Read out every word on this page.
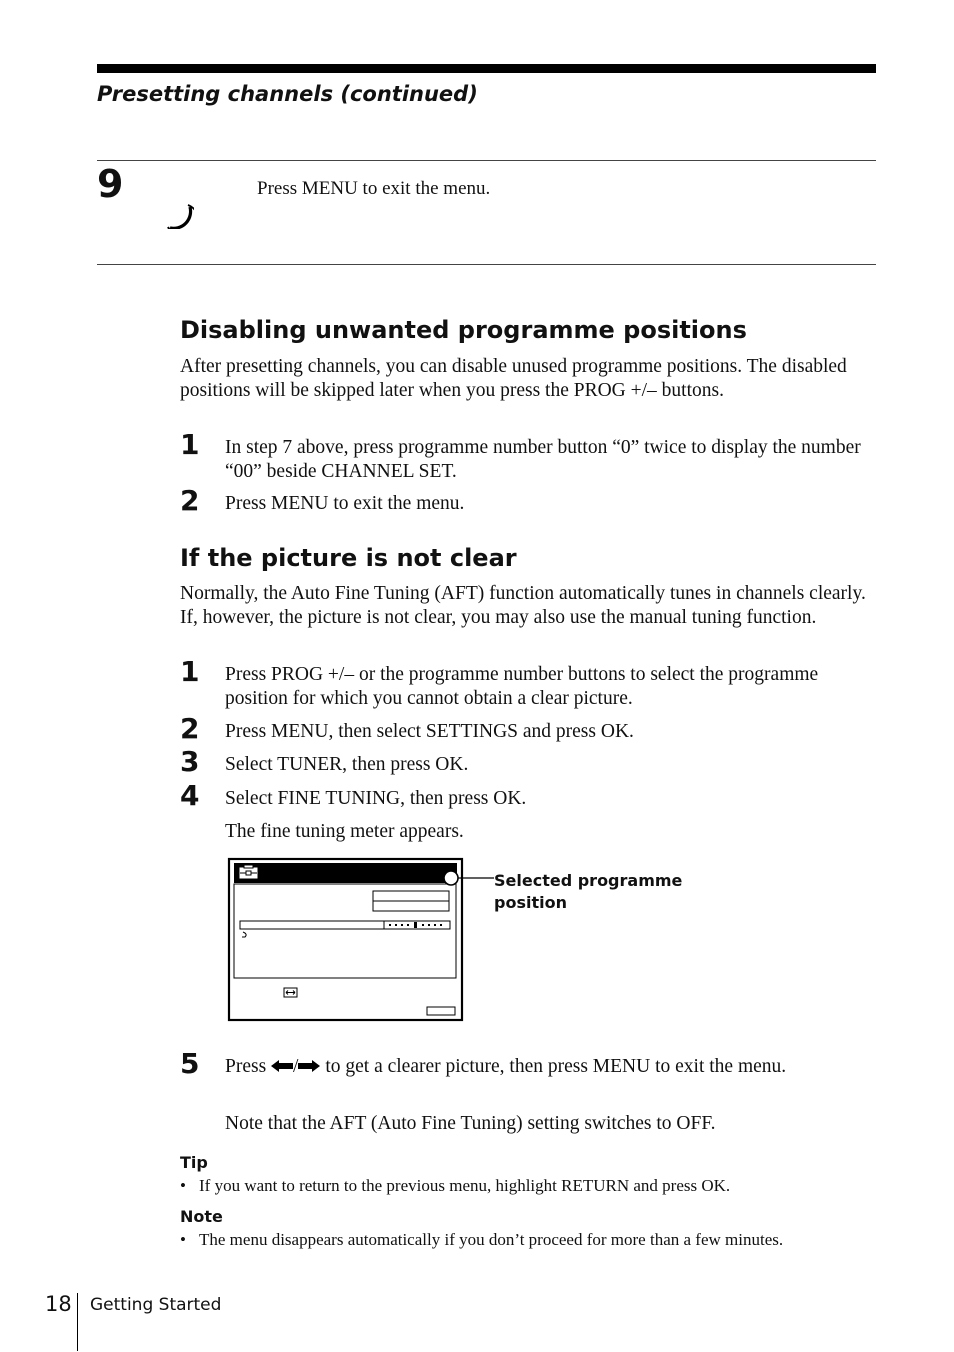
Presetting channels (continued)
9	Press MENU to exit the menu.
Disabling unwanted programme positions
After presetting channels, you can disable unused programme positions. The disabled positions will be skipped later when you press the PROG +/– buttons.
1 In step 7 above, press programme number button “0” twice to display the number “00” beside CHANNEL SET.
2 Press MENU to exit the menu.
If the picture is not clear
Normally, the Auto Fine Tuning (AFT) function automatically tunes in channels clearly. If, however, the picture is not clear, you may also use the manual tuning function.
1 Press PROG +/– or the programme number buttons to select the programme position for which you cannot obtain a clear picture.
2 Press MENU, then select SETTINGS and press OK.
3 Select TUNER, then press OK.
4 Select FINE TUNING, then press OK.
The fine tuning meter appears.
Selected programme position
5 Press / to get a clearer picture, then press MENU to exit the menu.
Note that the AFT (Auto Fine Tuning) setting switches to OFF.
Tip
• If you want to return to the previous menu, highlight RETURN and press OK.
Note
• The menu disappears automatically if you don’t proceed for more than a few minutes.
18 Getting Started
